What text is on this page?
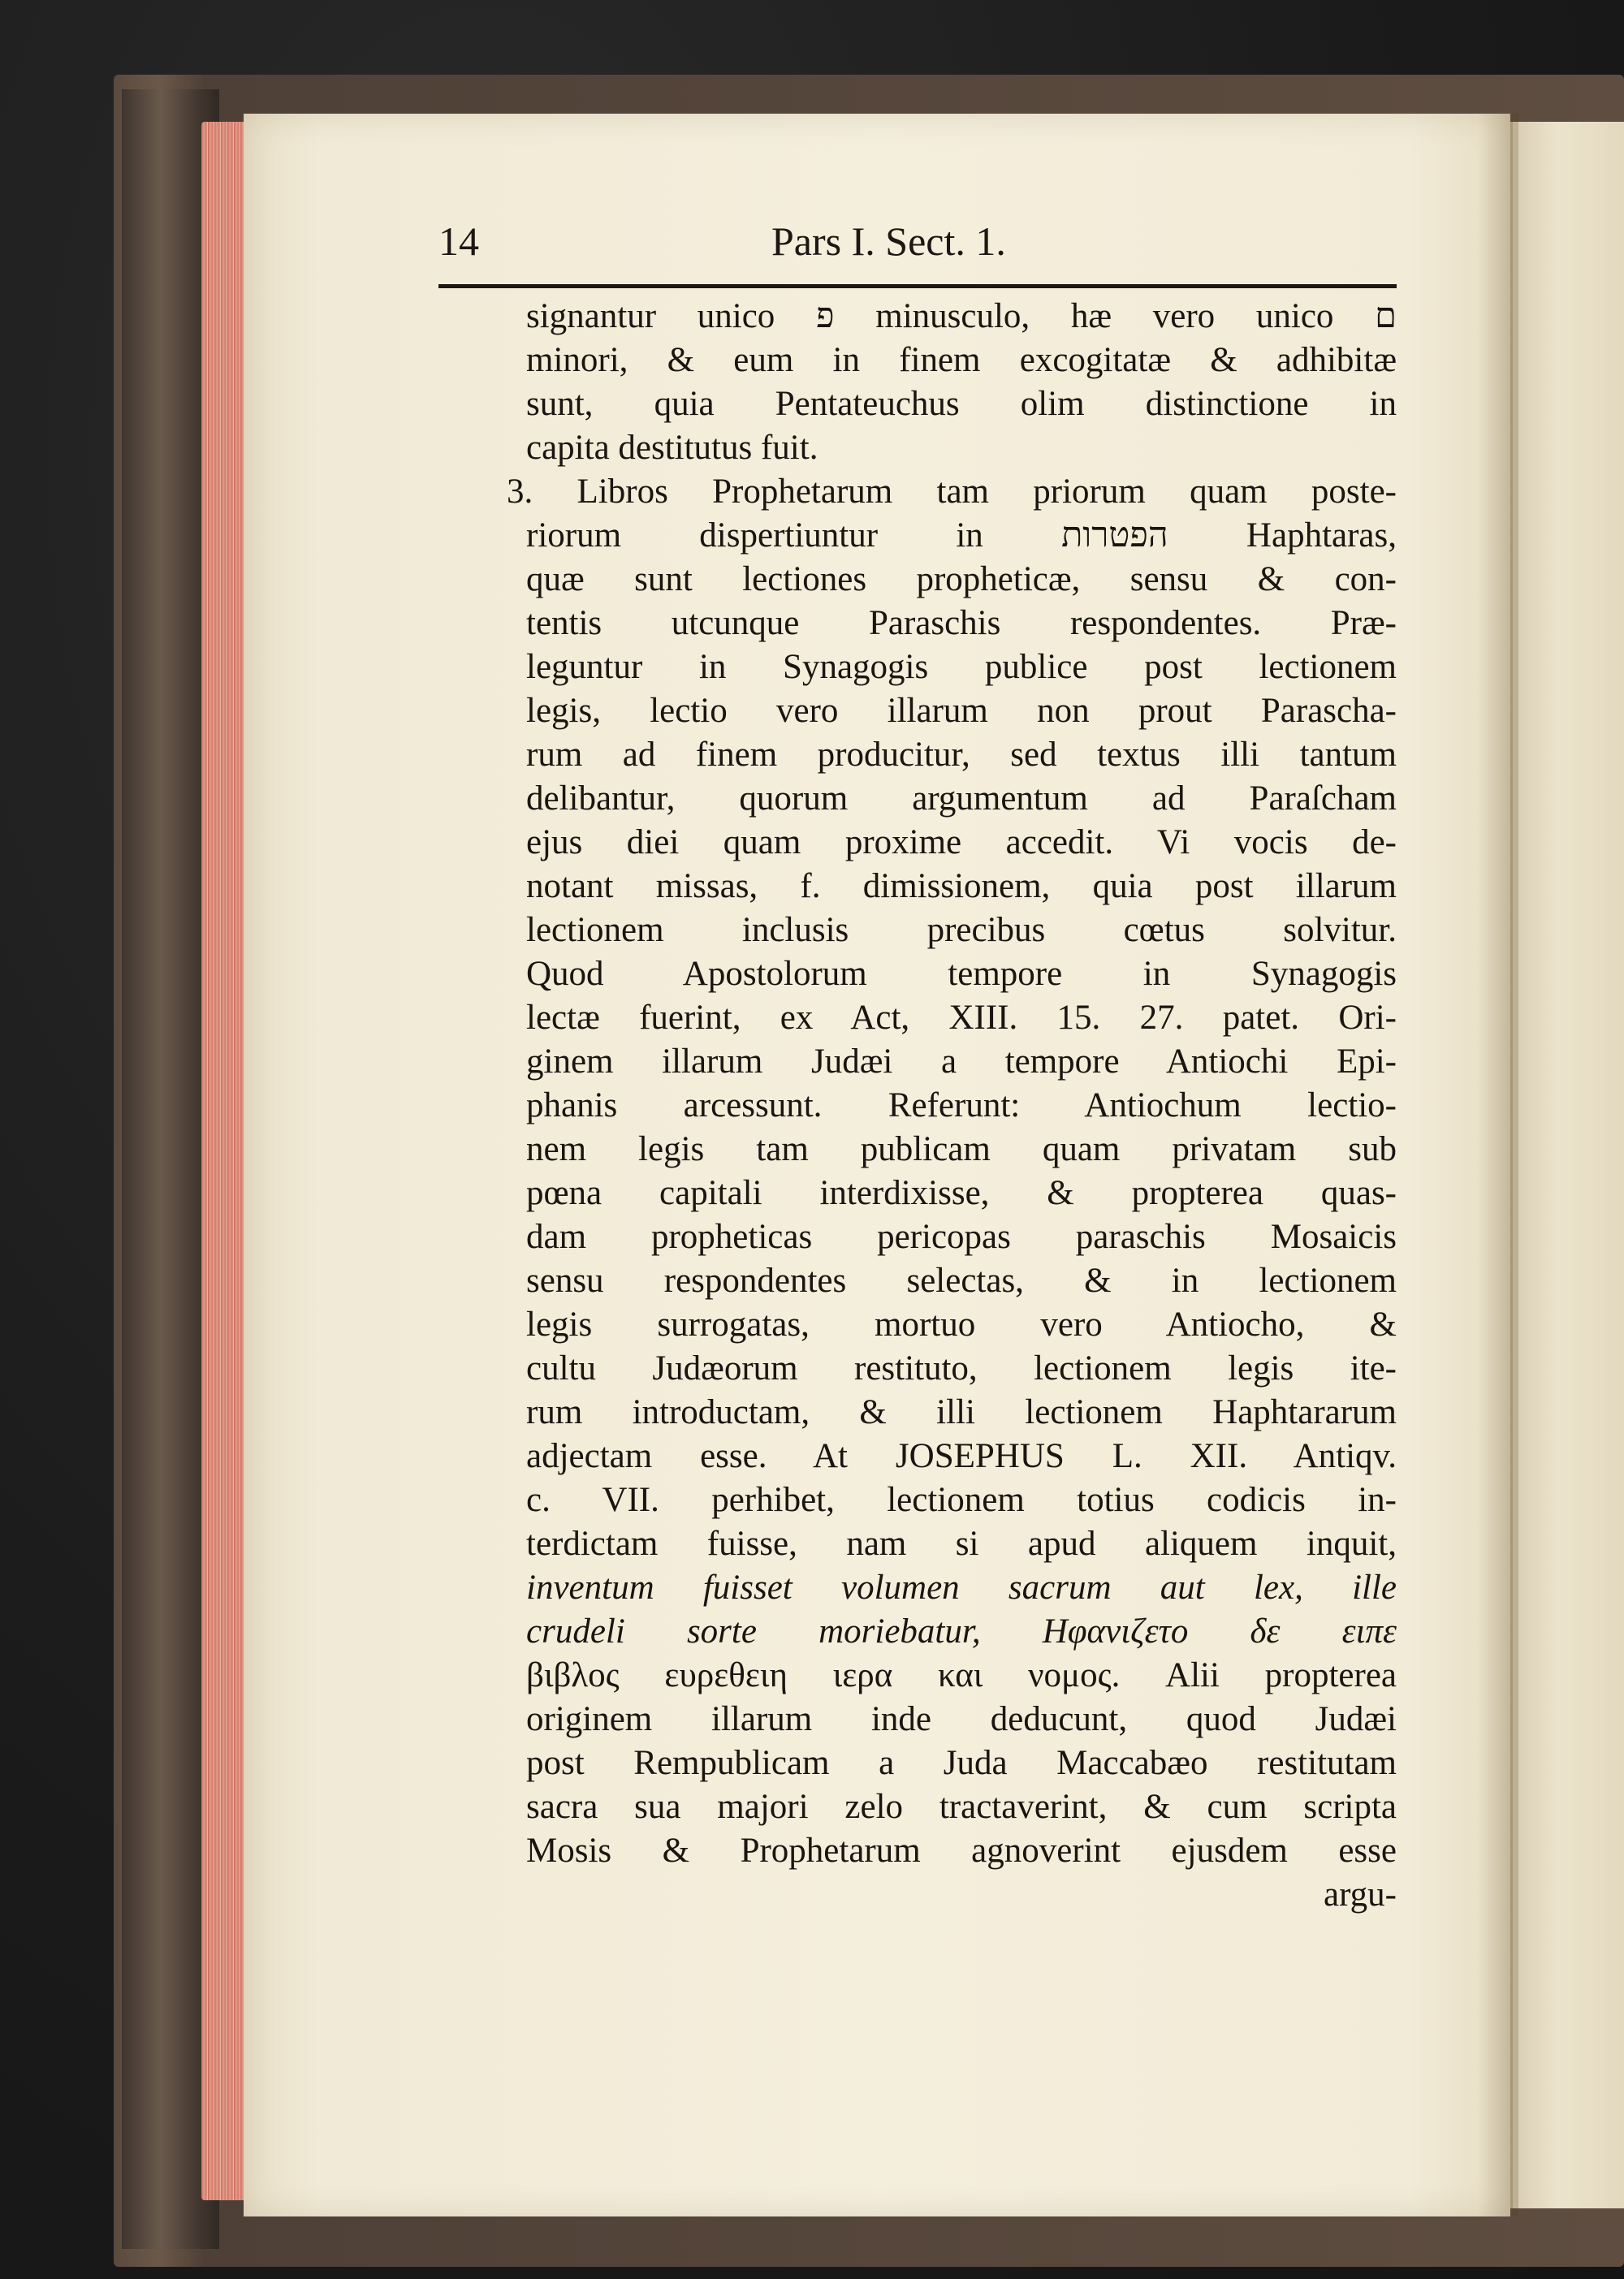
14	Pars I. Sect. 1.
signantur unico פ minusculo, hæ vero unico ם
minori, & eum in finem excogitatæ & adhibitæ
sunt, quia Pentateuchus olim distinctione in
capita destitutus fuit.
3. Libros Prophetarum tam priorum quam poste-
riorum dispertiuntur in הפטרות Haphtaras,
quæ sunt lectiones propheticæ, sensu & con-
tentis utcunque Paraschis respondentes. Præ-
leguntur in Synagogis publice post lectionem
legis, lectio vero illarum non prout Parascha-
rum ad finem producitur, sed textus illi tantum
delibantur, quorum argumentum ad Paraſcham
ejus diei quam proxime accedit. Vi vocis de-
notant missas, f. dimissionem, quia post illarum
lectionem inclusis precibus cœtus solvitur.
Quod Apostolorum tempore in Synagogis
lectæ fuerint, ex Act, XIII. 15. 27. patet. Ori-
ginem illarum Judæi a tempore Antiochi Epi-
phanis arcessunt. Referunt: Antiochum lectio-
nem legis tam publicam quam privatam sub
pœna capitali interdixisse, & propterea quas-
dam propheticas pericopas paraschis Mosaicis
sensu respondentes selectas, & in lectionem
legis surrogatas, mortuo vero Antiocho, &
cultu Judæorum restituto, lectionem legis ite-
rum introductam, & illi lectionem Haphtararum
adjectam esse. At JOSEPHUS L. XII. Antiqv.
c. VII. perhibet, lectionem totius codicis in-
terdictam fuisse, nam si apud aliquem inquit,
inventum fuisset volumen sacrum aut lex, ille
crudeli sorte moriebatur, Ηφανιζετο δε ειπε
βιβλος ευρεθειη ιερα και νομος. Alii propterea
originem illarum inde deducunt, quod Judæi
post Rempublicam a Juda Maccabæo restitutam
sacra sua majori zelo tractaverint, & cum scripta
Mosis & Prophetarum agnoverint ejusdem esse
argu-
